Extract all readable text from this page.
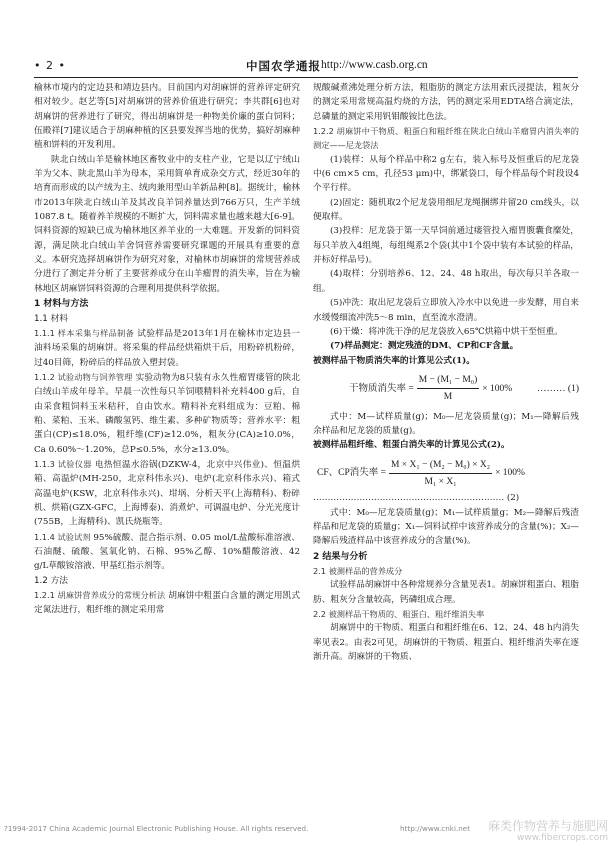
• 2 •	中国农学通报 http://www.casb.org.cn

榆林市境内的定边县和靖边县内。目前国内对胡麻饼的营养评定研究相对较少。赵艺等[5]对胡麻饼的营养价值进行研究；李共群[6]也对胡麻饼的营养进行了研究，得出胡麻饼是一种物美价廉的蛋白饲料；伍殿祥[7]建议适合于胡麻种植的区县要发挥当地的优势，搞好胡麻种植和饼料的开发利用。

陕北白绒山羊是榆林地区畜牧业中的支柱产业，它是以辽宁绒山羊为父本、陕北黑山羊为母本，采用简单育成杂交方式，经近30年的培育而形成的以产绒为主、绒肉兼用型山羊新品种[8]。据统计，榆林市2013年陕北白绒山羊及其改良羊饲养量达到766万只，生产羊绒1087.8 t。随着养羊规模的不断扩大，饲料需求量也越来越大[6-9]。饲料资源的短缺已成为榆林地区养羊业的一大难题。开发新的饲料资源，满足陕北白绒山羊舍饲营养需要研究课题的开展具有重要的意义。本研究选择胡麻饼作为研究对象，对榆林市胡麻饼的常规营养成分进行了测定并分析了主要营养成分在山羊瘤胃的消失率，旨在为榆林地区胡麻饼饲料资源的合理利用提供科学依据。

1 材料与方法
1.1 材料

1.1.1 样本采集与样品制备 试验样品是2013年1月在榆林市定边县一油料场采集的胡麻饼。将采集的样品经烘箱烘干后，用粉碎机粉碎，过40目筛，粉碎后的样品放入塑封袋。

1.1.2 试验动物与饲养管理 实验动物为8只装有永久性瘤胃瘘管的陕北白绒山羊成年母羊。早晨一次性每只羊饲喂精料补充料400 g后，自由采食粗饲料玉米秸秆，自由饮水。精料补充料组成为：豆粕、棉粕、菜粕、玉米、磷酸氢钙、维生素、多种矿物质等；营养水平：粗蛋白(CP)≤18.0%，粗纤维(CF)≥12.0%，粗灰分(CA)≥10.0%，Ca 0.60%～1.20%，总P≤0.5%，水分≥13.0%。

1.1.3 试验仪器 电热恒温水浴锅(DZKW-4，北京中兴伟业)、恒温烘箱、高温炉(MH-250，北京科伟永兴)、电炉(北京科伟永兴)、箱式高温电炉(KSW，北京科伟永兴)、坩埚、分析天平(上海精科)、粉碎机、烘箱(GZX-GFC，上海博泰)、消煮炉、可调温电炉、分光光度计(755B，上海精科)、凯氏烧瓶等。

1.1.4 试验试剂 95%硫酸、混合指示剂、0.05 mol/L盐酸标准溶液、石油醚、硫酸、氢氧化钠、石棉、95%乙醇、10%醋酸溶液、42 g/L草酸铵溶液、甲基红指示剂等。

1.2 方法

1.2.1 胡麻饼营养成分的常规分析法 胡麻饼中粗蛋白含量的测定用凯式定氮法进行，粗纤维的测定采用常

规酸碱煮沸处理分析方法，粗脂肪的测定方法用索氏浸提法，粗灰分的测定采用常规高温灼烧的方法，钙的测定采用EDTA络合滴定法，总磷量的测定采用钒钼酸铵比色法。

1.2.2 胡麻饼中干物质、粗蛋白和粗纤维在陕北白绒山羊瘤胃内消失率的测定——尼龙袋法

(1)装样：从每个样品中称2 g左右，装入标号及恒重后的尼龙袋中(6 cm×5 cm，孔径53 μm)中，绑紧袋口，每个样品每个时段设4个平行样。

(2)固定：随机取2个尼龙袋用细尼龙绳捆绑并留20 cm线头，以便取样。

(3)投样：尼龙袋于第一天早饲前通过瘘管投入瘤胃腹囊食糜处，每只羊放入4组绳，每组绳系2个袋(其中1个袋中装有本试验的样品，并标好样品号)。

(4)取样：分别培养6、12、24、48 h取出，每次每只羊各取一组。

(5)冲洗：取出尼龙袋后立即放入冷水中以免进一步发酵，用自来水缓慢细流冲洗5～8 min，直至流水澄清。

(6)干燥：将冲洗干净的尼龙袋放入65℃烘箱中烘干至恒重。

(7)样品测定：测定残渣的DM、CP和CF含量。

被测样品干物质消失率的计算见公式(1)。

干物质消失率 = $\frac{\text{M − (M₁ − M₀)}}{M} \times 100\%$	……… (1)

式中：M—试样质量(g)；M₀—尼龙袋质量(g)；M₁—降解后残余样品和尼龙袋的质量(g)。

被测样品粗纤维、粗蛋白消失率的计算见公式(2)。

CF、CP消失率 = $\frac{\text{M × X₁ − (M₂ − M₀) × X₂}}{\text{M₁ × X₁}} \times 100\%$

………………………………………………………… (2)

式中：M₀—尼龙袋质量(g)；M₁—试样质量g；M₂—降解后残渣样品和尼龙袋的质量g；X₁—饲料试样中该营养成分的含量(%)；X₂—降解后残渣样品中该营养成分的含量(%)。

2 结果与分析
2.1 被测样品的营养成分

试验样品胡麻饼中各种常规养分含量见表1。胡麻饼粗蛋白、粗脂肪、粗灰分含量较高，钙磷组成合理。

2.2 被测样品干物质的、粗蛋白、粗纤维消失率

胡麻饼中的干物质、粗蛋白和粗纤维在6、12、24、48 h内消失率见表2。由表2可见，胡麻饼的干物质、粗蛋白、粗纤维消失率在逐渐升高。胡麻饼的干物质、

?1994-2017 China Academic Journal Electronic Publishing House. All rights reserved.	http://www.cnki.net 麻类作物营养与施肥网
www.fibercrops.com
